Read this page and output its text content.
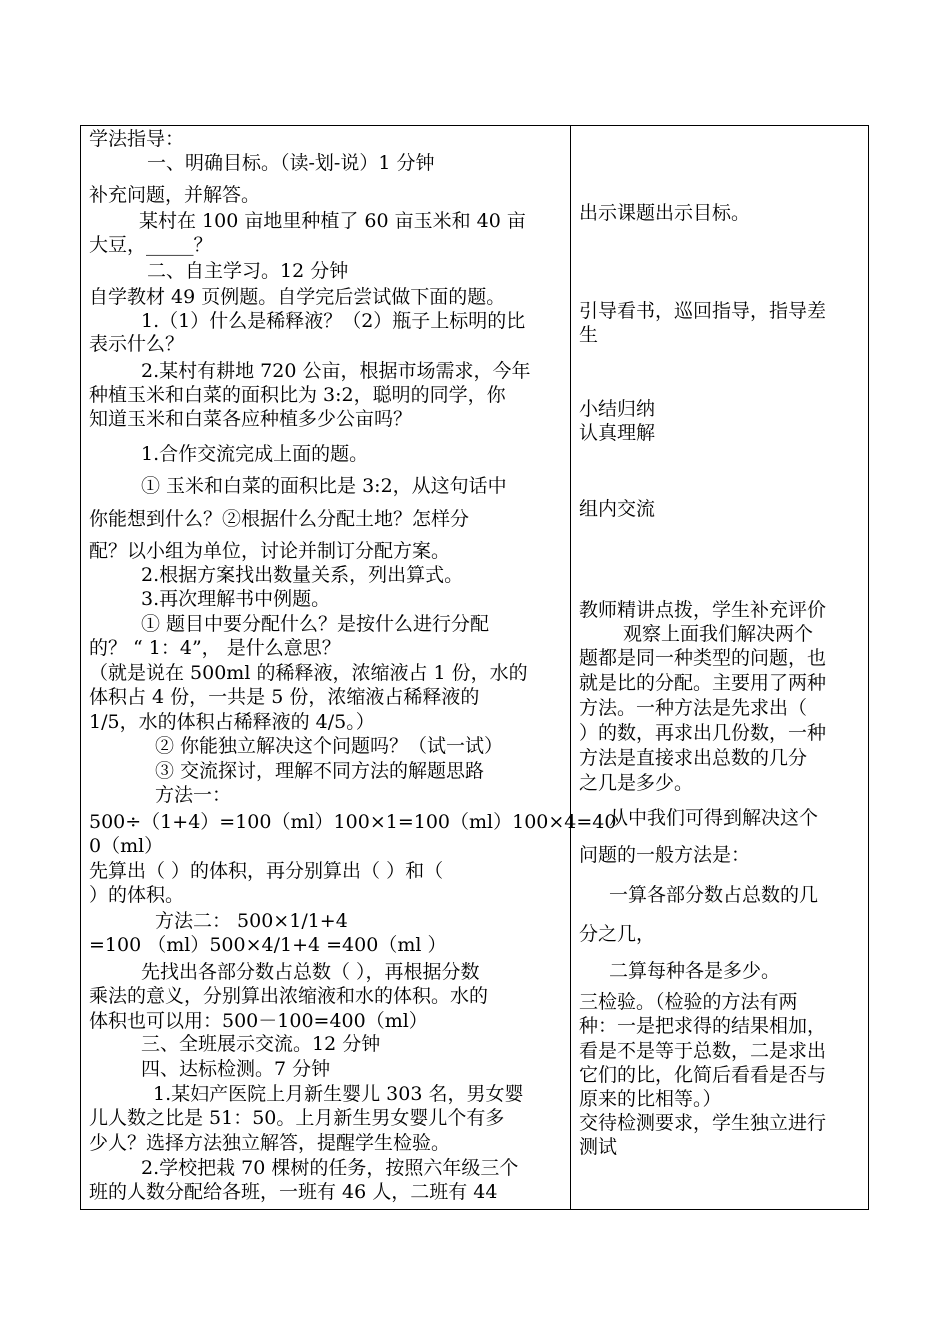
学法指导：
一、明确目标。（读-划-说）1 分钟
补充问题，并解答。
某村在 100 亩地里种植了 60 亩玉米和 40 亩
大豆，_____？
二、自主学习。12 分钟
自学教材 49 页例题。自学完后尝试做下面的题。
1.（1）什么是稀释液？（2）瓶子上标明的比
表示什么？
2.某村有耕地 720 公亩，根据市场需求，今年
种植玉米和白菜的面积比为 3:2，聪明的同学，你
知道玉米和白菜各应种植多少公亩吗？
1.合作交流完成上面的题。
① 玉米和白菜的面积比是 3:2，从这句话中
你能想到什么？②根据什么分配土地？怎样分
配？以小组为单位，讨论并制订分配方案。
2.根据方案找出数量关系，列出算式。
3.再次理解书中例题。
① 题目中要分配什么？是按什么进行分配
的？ “ 1：4”， 是什么意思？
（就是说在 500ml 的稀释液，浓缩液占 1 份，水的
体积占 4 份，一共是 5 份，浓缩液占稀释液的
1/5，水的体积占稀释液的 4/5。）
② 你能独立解决这个问题吗？（试一试）
③ 交流探讨，理解不同方法的解题思路
方法一：
500÷（1+4）=100（ml）100×1=100（ml）100×4=40
0（ml）
先算出（ ）的体积，再分别算出（ ）和（
）的体积。
方法二： 500×1/1+4
=100 （ml）500×4/1+4 =400（ml ）
先找出各部分数占总数（ ），再根据分数
乘法的意义，分别算出浓缩液和水的体积。水的
体积也可以用：500－100=400（ml）
三、全班展示交流。12 分钟
四、达标检测。7 分钟
1.某妇产医院上月新生婴儿 303 名，男女婴
儿人数之比是 51：50。上月新生男女婴儿个有多
少人？选择方法独立解答，提醒学生检验。
2.学校把栽 70 棵树的任务，按照六年级三个
班的人数分配给各班，一班有 46 人，二班有 44
出示课题出示目标。
引导看书，巡回指导，指导差
生
小结归纳
认真理解
组内交流
教师精讲点拨，学生补充评价
观察上面我们解决两个
题都是同一种类型的问题，也
就是比的分配。主要用了两种
方法。一种方法是先求出（
）的数，再求出几份数，一种
方法是直接求出总数的几分
之几是多少。
从中我们可得到解决这个
问题的一般方法是：
一算各部分数占总数的几
分之几，
二算每种各是多少。
三检验。（检验的方法有两
种：一是把求得的结果相加，
看是不是等于总数，二是求出
它们的比，化简后看看是否与
原来的比相等。）
交待检测要求，学生独立进行
测试
